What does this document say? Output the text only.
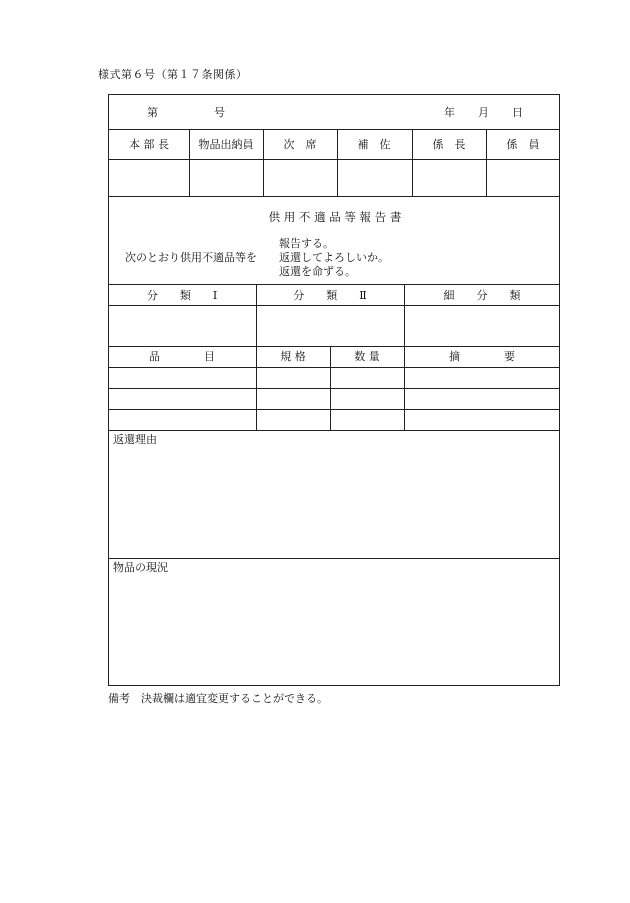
様式第６号（第１７条関係）
第	号	年 月 日
本 部 長	物品出納員	次　席	補　佐	係　長	係　員
供 用 不 適 品 等 報 告 書
次のとおり供用不適品等を
報告する。
返還してよろしいか。
返還を命ずる。
分　　類　　Ⅰ	分　　類　　Ⅱ	細　　分　　類
品　　　　目	規 格	数 量	摘　　　　要
返還理由
物品の現況
備考　決裁欄は適宜変更することができる。
